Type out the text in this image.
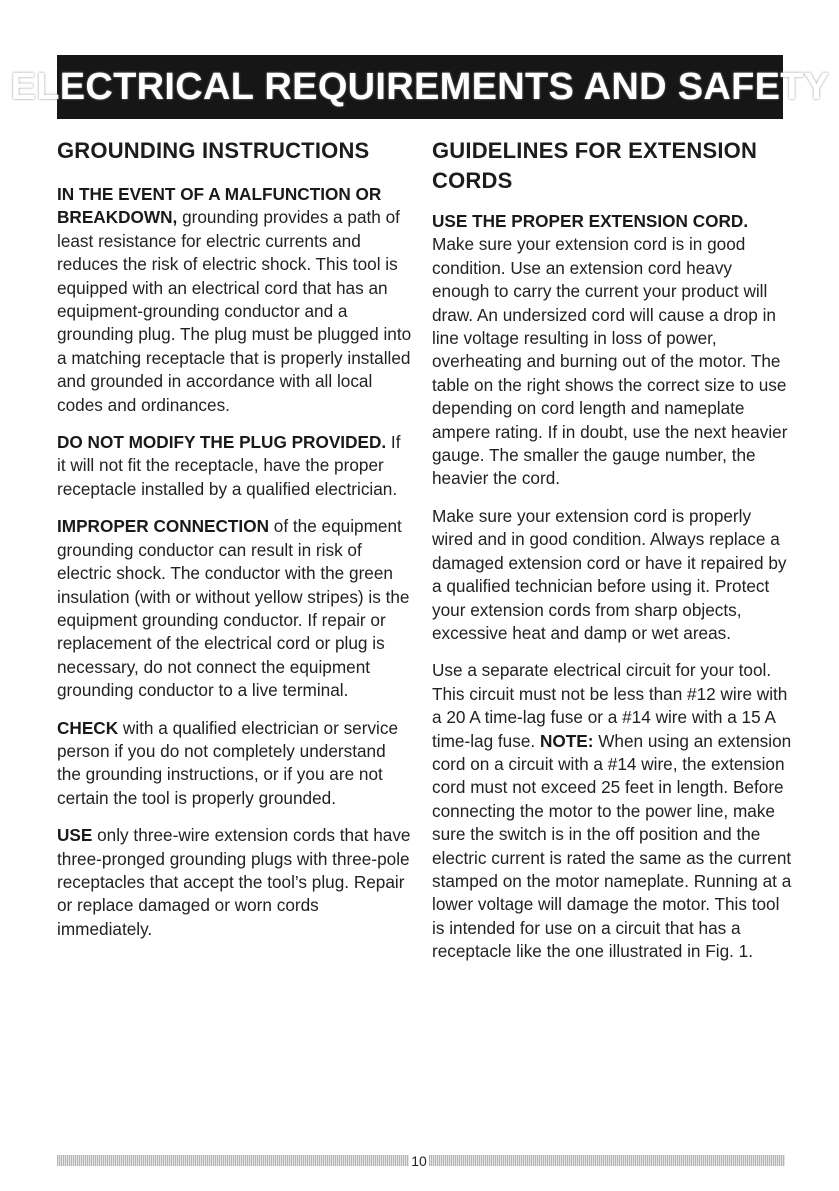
ELECTRICAL REQUIREMENTS AND SAFETY
GROUNDING INSTRUCTIONS

IN THE EVENT OF A MALFUNCTION OR BREAKDOWN, grounding provides a path of least resistance for electric currents and reduces the risk of electric shock. This tool is equipped with an electrical cord that has an equipment-grounding conductor and a grounding plug. The plug must be plugged into a matching receptacle that is properly installed and grounded in accordance with all local codes and ordinances.

DO NOT MODIFY THE PLUG PROVIDED. If it will not fit the receptacle, have the proper receptacle installed by a qualified electrician.

IMPROPER CONNECTION of the equipment grounding conductor can result in risk of electric shock. The conductor with the green insulation (with or without yellow stripes) is the equipment grounding conductor. If repair or replacement of the electrical cord or plug is necessary, do not connect the equipment grounding conductor to a live terminal.

CHECK with a qualified electrician or service person if you do not completely understand the grounding instructions, or if you are not certain the tool is properly grounded.

USE only three-wire extension cords that have three-pronged grounding plugs with three-pole receptacles that accept the tool’s plug. Repair or replace damaged or worn cords immediately.

GUIDELINES FOR EXTENSION CORDS

USE THE PROPER EXTENSION CORD. Make sure your extension cord is in good condition. Use an extension cord heavy enough to carry the current your product will draw. An undersized cord will cause a drop in line voltage resulting in loss of power, overheating and burning out of the motor. The table on the right shows the correct size to use depending on cord length and nameplate ampere rating. If in doubt, use the next heavier gauge. The smaller the gauge number, the heavier the cord.

Make sure your extension cord is properly wired and in good condition. Always replace a damaged extension cord or have it repaired by a qualified technician before using it. Protect your extension cords from sharp objects, excessive heat and damp or wet areas.

Use a separate electrical circuit for your tool. This circuit must not be less than #12 wire with a 20 A time-lag fuse or a #14 wire with a 15 A time-lag fuse. NOTE: When using an extension cord on a circuit with a #14 wire, the extension cord must not exceed 25 feet in length. Before connecting the motor to the power line, make sure the switch is in the off position and the electric current is rated the same as the current stamped on the motor nameplate. Running at a lower voltage will damage the motor. This tool is intended for use on a circuit that has a receptacle like the one illustrated in Fig. 1.

10
